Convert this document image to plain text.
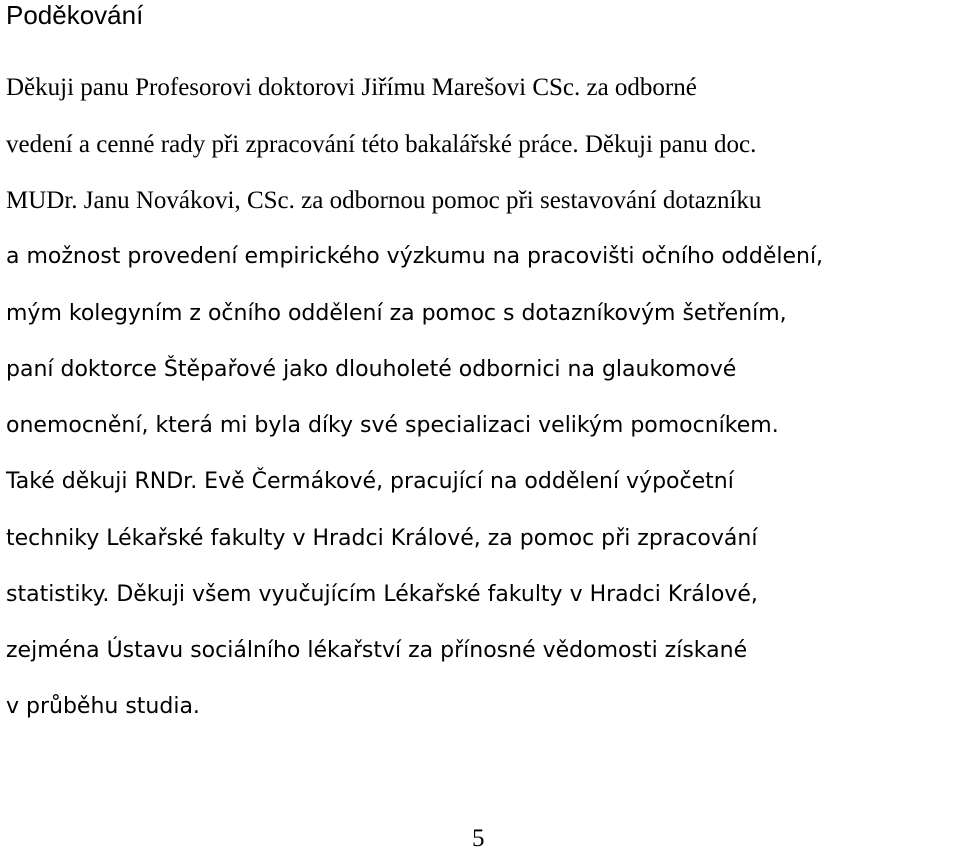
Poděkování
Děkuji panu Profesorovi doktorovi Jiřímu Marešovi CSc. za odborné
vedení a cenné rady při zpracování této bakalářské práce. Děkuji panu doc.
MUDr. Janu Novákovi, CSc. za odbornou pomoc při sestavování dotazníku
a možnost provedení empirického výzkumu na pracovišti očního oddělení,
mým kolegyním z očního oddělení za pomoc s dotazníkovým šetřením,
paní doktorce Štěpařové jako dlouholeté odbornici na glaukomové
onemocnění, která mi byla díky své specializaci velikým pomocníkem.
Také děkuji RNDr. Evě Čermákové, pracující na oddělení výpočetní
techniky Lékařské fakulty v Hradci Králové, za pomoc při zpracování
statistiky. Děkuji všem vyučujícím Lékařské fakulty v Hradci Králové,
zejména Ústavu sociálního lékařství za přínosné vědomosti získané
v průběhu studia.
5
